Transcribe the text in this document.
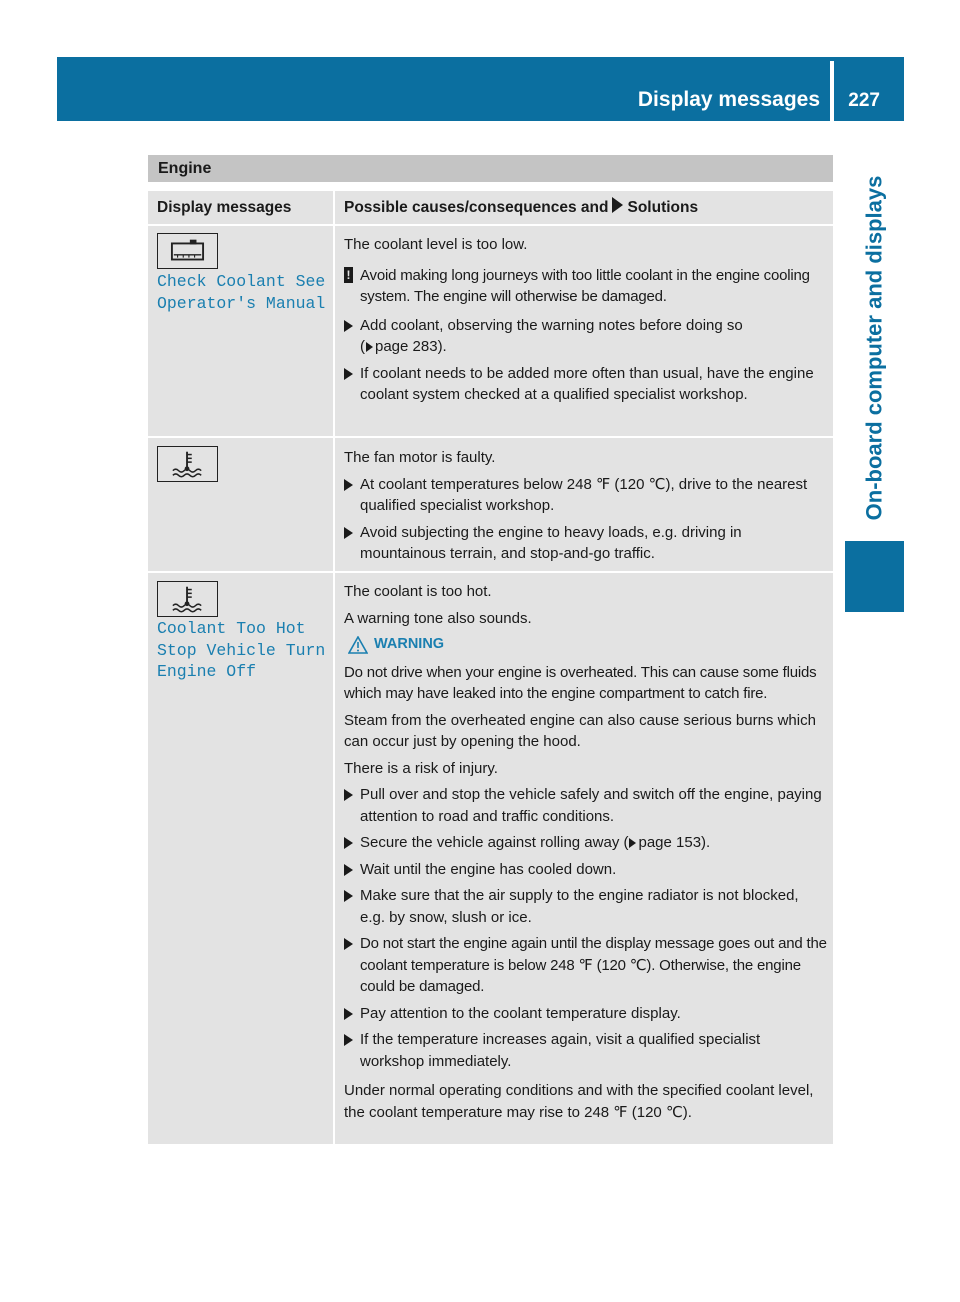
Display messages 227
On-board computer and displays
Engine
Display messages	Possible causes/consequences and Solutions
Check Coolant See
Operator's Manual

The coolant level is too low.

! Avoid making long journeys with too little coolant in the engine cooling system. The engine will otherwise be damaged.
Add coolant, observing the warning notes before doing so
( page 283).
If coolant needs to be added more often than usual, have the engine coolant system checked at a qualified specialist workshop.

The fan motor is faulty.

At coolant temperatures below 248 ℉ (120 ℃), drive to the nearest qualified specialist workshop.
Avoid subjecting the engine to heavy loads, e.g. driving in mountainous terrain, and stop-and-go traffic.
Coolant Too Hot
Stop Vehicle Turn
Engine Off

The coolant is too hot.

A warning tone also sounds.

WARNING

Do not drive when your engine is overheated. This can cause some fluids which may have leaked into the engine compartment to catch fire.

Steam from the overheated engine can also cause serious burns which can occur just by opening the hood.

There is a risk of injury.

Pull over and stop the vehicle safely and switch off the engine, paying attention to road and traffic conditions.
Secure the vehicle against rolling away ( page 153).
Wait until the engine has cooled down.
Make sure that the air supply to the engine radiator is not blocked, e.g. by snow, slush or ice.
Do not start the engine again until the display message goes out and the coolant temperature is below 248 ℉ (120 ℃). Otherwise, the engine could be damaged.
Pay attention to the coolant temperature display.
If the temperature increases again, visit a qualified specialist workshop immediately.

Under normal operating conditions and with the specified coolant level, the coolant temperature may rise to 248 ℉ (120 ℃).
